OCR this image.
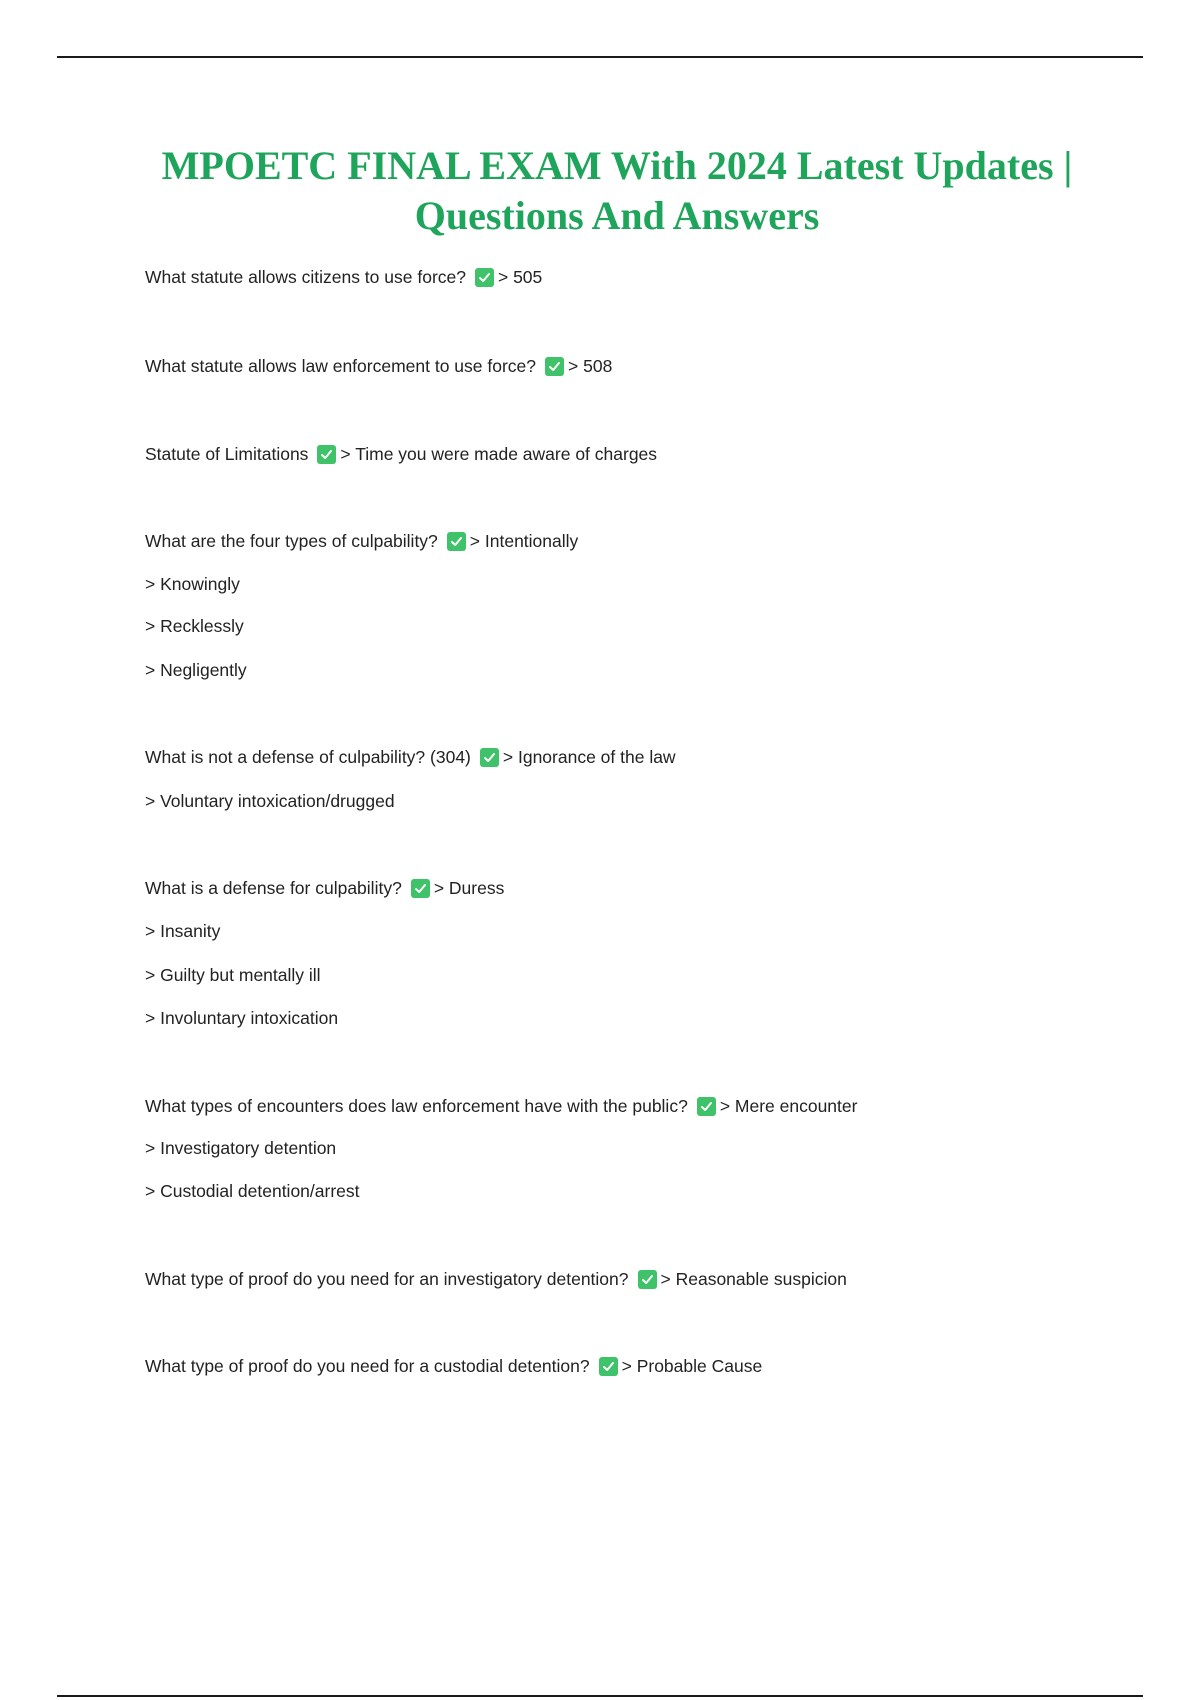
MPOETC FINAL EXAM With 2024 Latest Updates |
Questions And Answers
What statute allows citizens to use force? > 505
What statute allows law enforcement to use force? > 508
Statute of Limitations > Time you were made aware of charges
What are the four types of culpability? > Intentionally
> Knowingly
> Recklessly
> Negligently
What is not a defense of culpability? (304) > Ignorance of the law
> Voluntary intoxication/drugged
What is a defense for culpability? > Duress
> Insanity
> Guilty but mentally ill
> Involuntary intoxication
What types of encounters does law enforcement have with the public? > Mere encounter
> Investigatory detention
> Custodial detention/arrest
What type of proof do you need for an investigatory detention? > Reasonable suspicion
What type of proof do you need for a custodial detention? > Probable Cause
